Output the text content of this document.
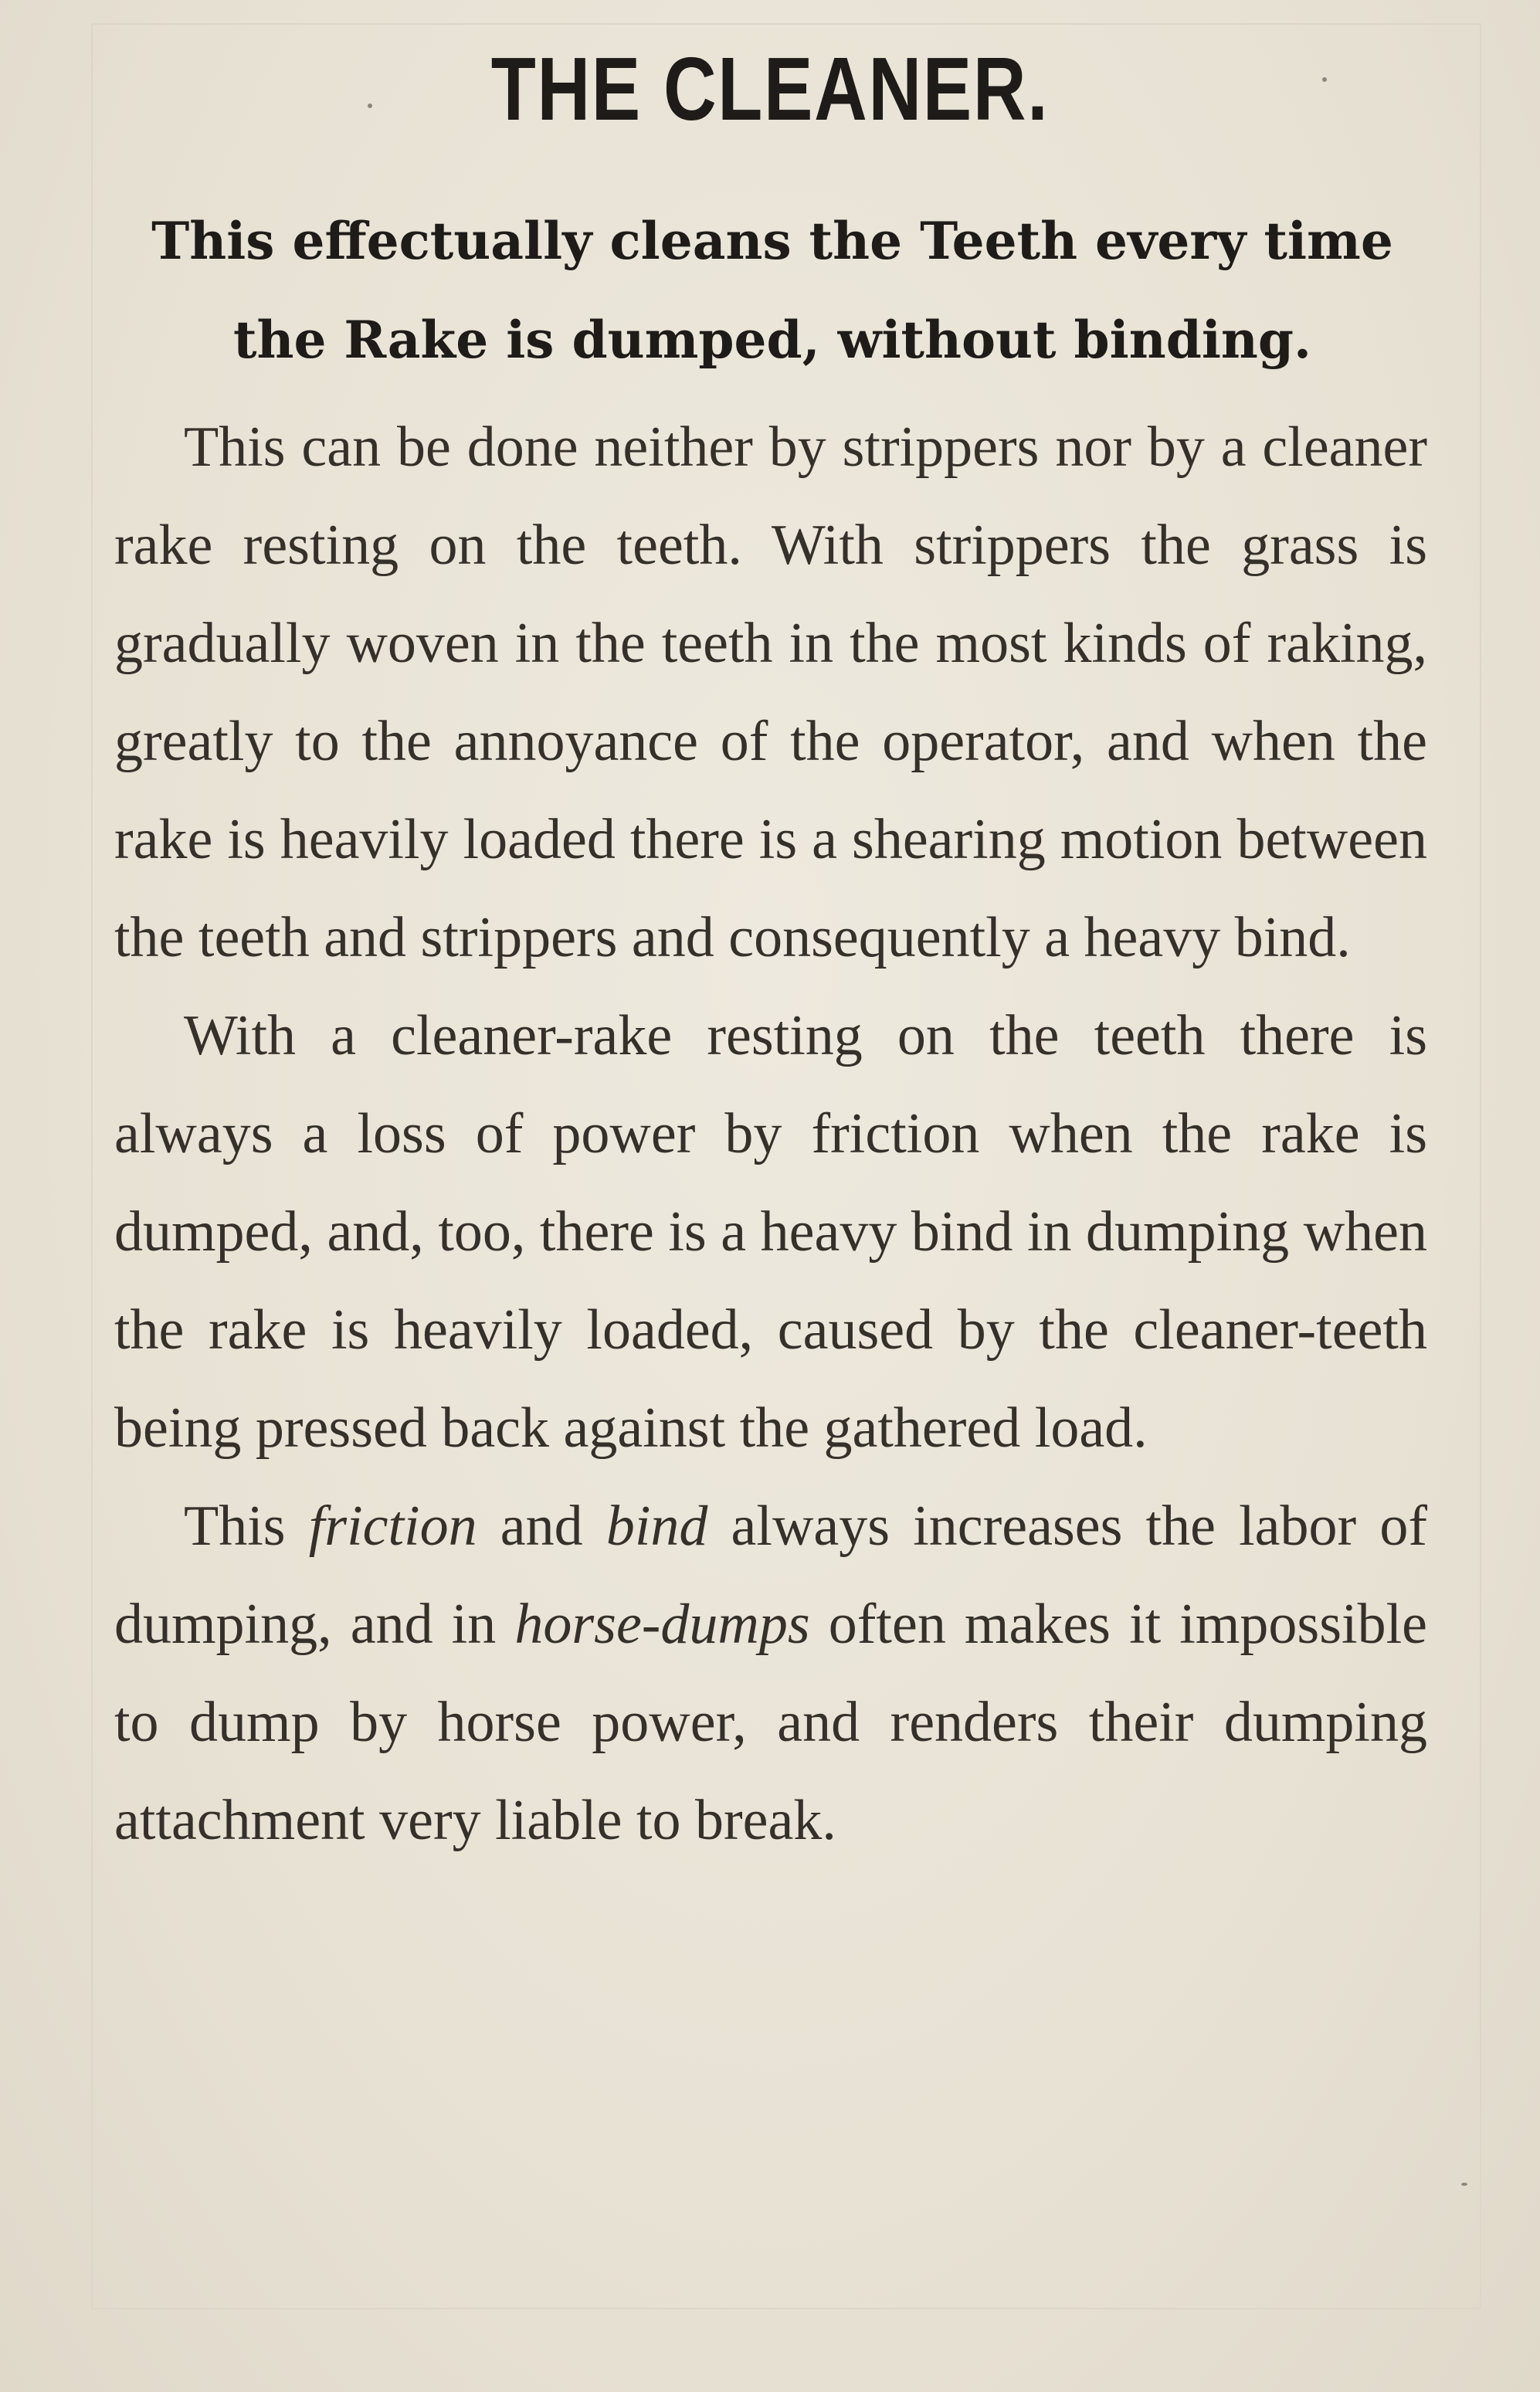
THE CLEANER.
This effectually cleans the Teeth every time the Rake is dumped, without binding.

This can be done neither by strippers nor by a cleaner rake resting on the teeth. With strippers the grass is gradually woven in the teeth in the most kinds of raking, greatly to the annoyance of the operator, and when the rake is heavily loaded there is a shearing motion between the teeth and strippers and consequently a heavy bind.

With a cleaner-rake resting on the teeth there is always a loss of power by friction when the rake is dumped, and, too, there is a heavy bind in dumping when the rake is heavily loaded, caused by the cleaner-teeth being pressed back against the gathered load.

This friction and bind always increases the labor of dumping, and in horse-dumps often makes it impossible to dump by horse power, and renders their dumping attachment very liable to break.
